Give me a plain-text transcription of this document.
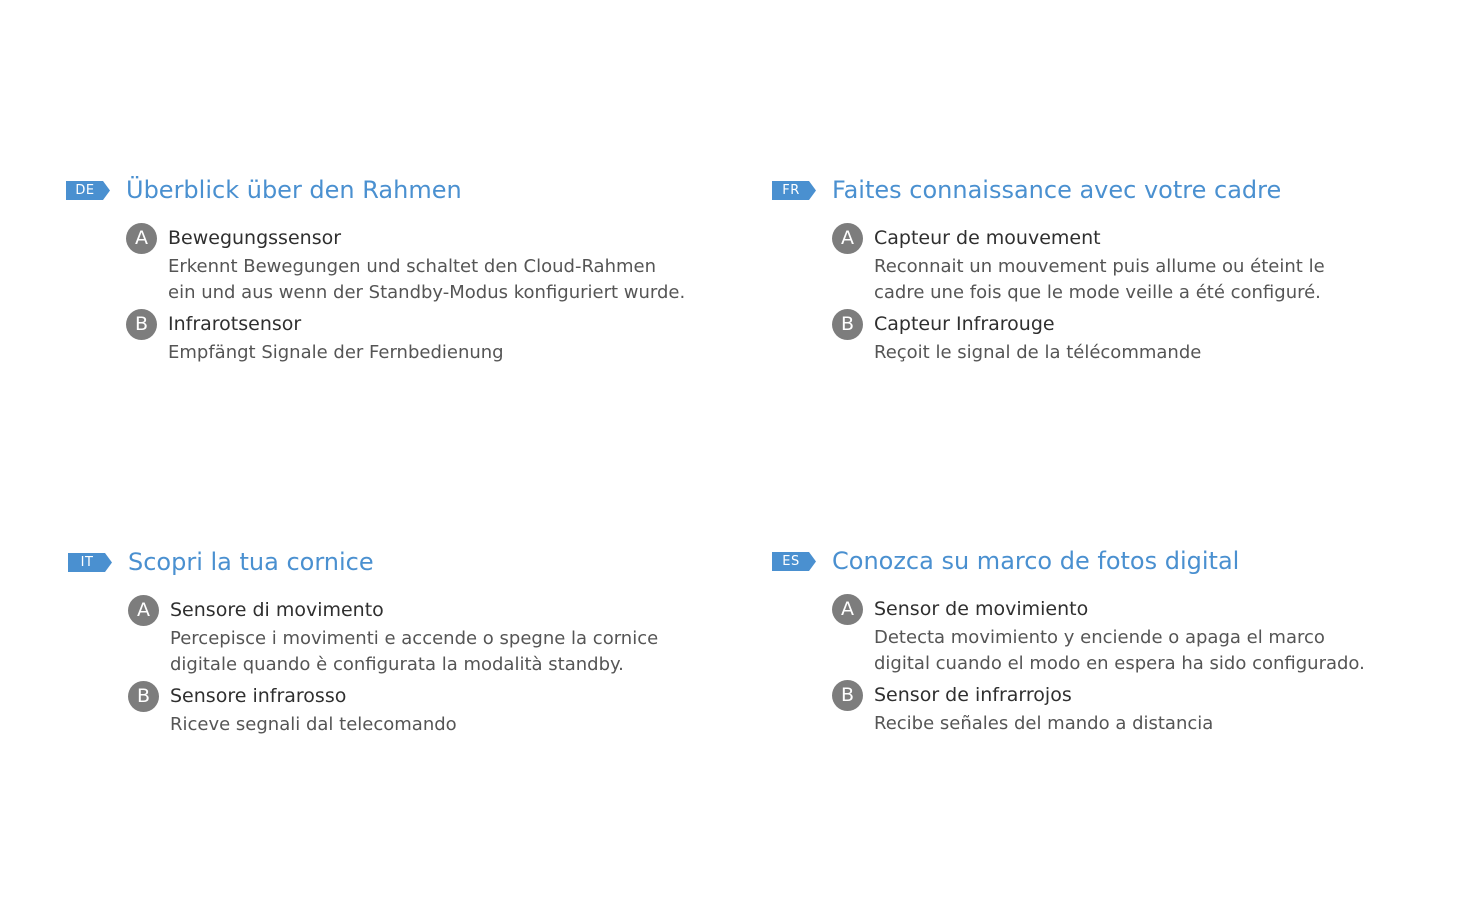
DE	Überblick über den Rahmen
A	Bewegungssensor
Erkennt Bewegungen und schaltet den Cloud-Rahmen
ein und aus wenn der Standby-Modus konfiguriert wurde.
B	Infrarotsensor
Empfängt Signale der Fernbedienung
FR	Faites connaissance avec votre cadre
A	Capteur de mouvement
Reconnait un mouvement puis allume ou éteint le
cadre une fois que le mode veille a été configuré.
B	Capteur Infrarouge
Reçoit le signal de la télécommande
IT	Scopri la tua cornice
A	Sensore di movimento
Percepisce i movimenti e accende o spegne la cornice
digitale quando è configurata la modalità standby.
B	Sensore infrarosso
Riceve segnali dal telecomando
ES	Conozca su marco de fotos digital
A	Sensor de movimiento
Detecta movimiento y enciende o apaga el marco
digital cuando el modo en espera ha sido configurado.
B	Sensor de infrarrojos
Recibe señales del mando a distancia
